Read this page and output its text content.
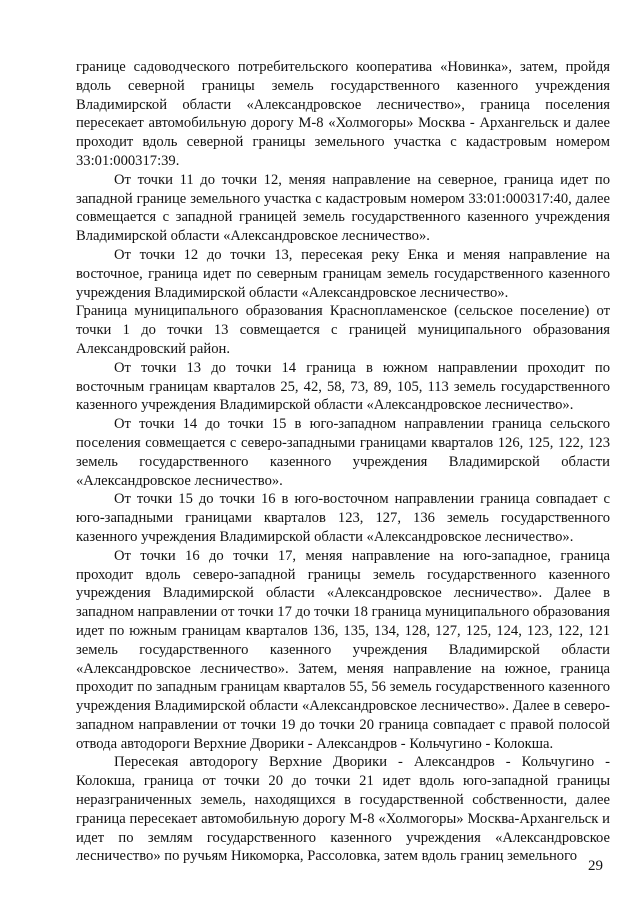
границе садоводческого потребительского кооператива «Новинка», затем, пройдя вдоль северной границы земель государственного казенного учреждения Владимирской области «Александровское лесничество», граница поселения пересекает автомобильную дорогу М-8 «Холмогоры» Москва - Архангельск и далее проходит вдоль северной границы земельного участка с кадастровым номером 33:01:000317:39.

От точки 11 до точки 12, меняя направление на северное, граница идет по западной границе земельного участка с кадастровым номером 33:01:000317:40, далее совмещается с западной границей земель государственного казенного учреждения Владимирской области «Александровское лесничество».

От точки 12 до точки 13, пересекая реку Енка и меняя направление на восточное, граница идет по северным границам земель государственного казенного учреждения Владимирской области «Александровское лесничество».

Граница муниципального образования Краснопламенское (сельское поселение) от точки 1 до точки 13 совмещается с границей муниципального образования Александровский район.

От точки 13 до точки 14 граница в южном направлении проходит по восточным границам кварталов 25, 42, 58, 73, 89, 105, 113 земель государственного казенного учреждения Владимирской области «Александровское лесничество».

От точки 14 до точки 15 в юго-западном направлении граница сельского поселения совмещается с северо-западными границами кварталов 126, 125, 122, 123 земель государственного казенного учреждения Владимирской области «Александровское лесничество».

От точки 15 до точки 16 в юго-восточном направлении граница совпадает с юго-западными границами кварталов 123, 127, 136 земель государственного казенного учреждения Владимирской области «Александровское лесничество».

От точки 16 до точки 17, меняя направление на юго-западное, граница проходит вдоль северо-западной границы земель государственного казенного учреждения Владимирской области «Александровское лесничество». Далее в западном направлении от точки 17 до точки 18 граница муниципального образования идет по южным границам кварталов 136, 135, 134, 128, 127, 125, 124, 123, 122, 121 земель государственного казенного учреждения Владимирской области «Александровское лесничество». Затем, меняя направление на южное, граница проходит по западным границам кварталов 55, 56 земель государственного казенного учреждения Владимирской области «Александровское лесничество». Далее в северо-западном направлении от точки 19 до точки 20 граница совпадает с правой полосой отвода автодороги Верхние Дворики - Александров - Кольчугино - Колокша.

Пересекая автодорогу Верхние Дворики - Александров - Кольчугино - Колокша, граница от точки 20 до точки 21 идет вдоль юго-западной границы неразграниченных земель, находящихся в государственной собственности, далее граница пересекает автомобильную дорогу М-8 «Холмогоры» Москва-Архангельск и идет по землям государственного казенного учреждения «Александровское лесничество» по ручьям Никоморка, Рассоловка, затем вдоль границ земельного

29
